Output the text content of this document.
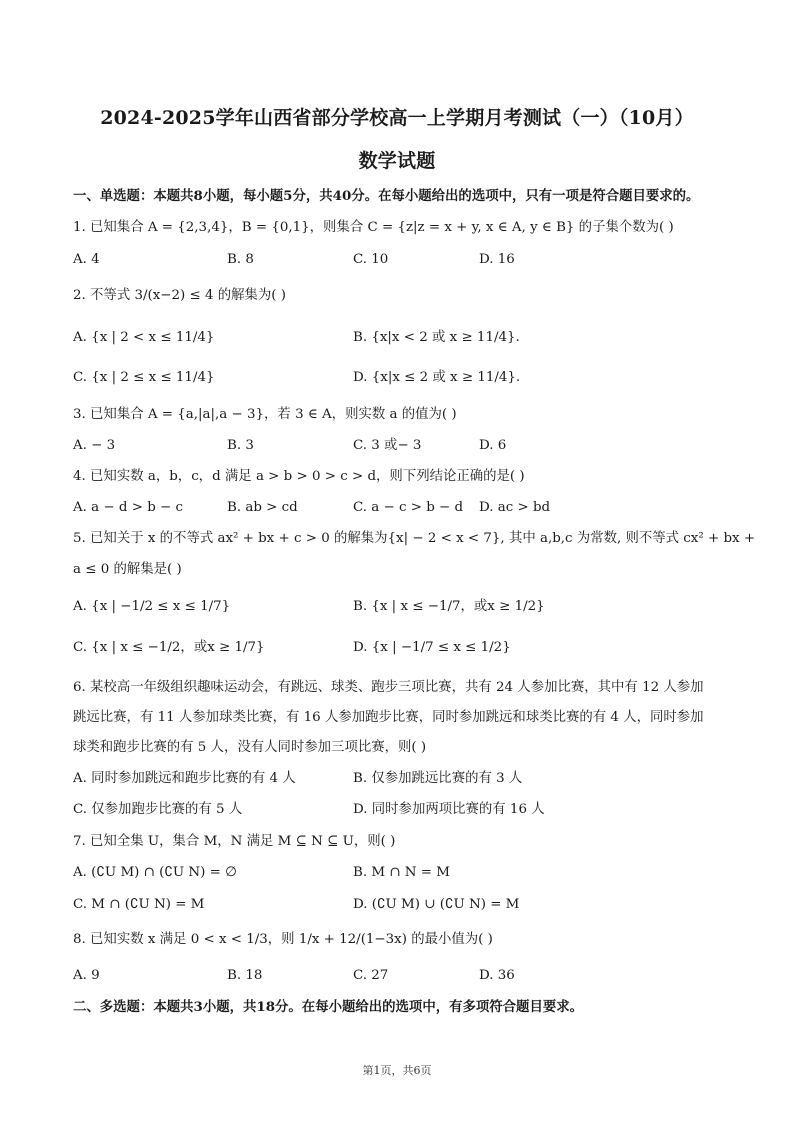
2024-2025学年山西省部分学校高一上学期月考测试（一）（10月）
数学试题
一、单选题：本题共8小题，每小题5分，共40分。在每小题给出的选项中，只有一项是符合题目要求的。
1. 已知集合 A = {2,3,4}，B = {0,1}，则集合 C = {z|z = x + y, x ∈ A, y ∈ B} 的子集个数为( )
A. 4	B. 8	C. 10	D. 16
2. 不等式 3/(x−2) ≤ 4 的解集为( )
A. {x | 2 < x ≤ 11/4}	B. {x|x < 2 或 x ≥ 11/4}.
C. {x | 2 ≤ x ≤ 11/4}	D. {x|x ≤ 2 或 x ≥ 11/4}.
3. 已知集合 A = {a,|a|,a − 3}，若 3 ∈ A，则实数 a 的值为( )
A. − 3	B. 3	C. 3 或− 3	D. 6
4. 已知实数 a，b，c，d 满足 a > b > 0 > c > d，则下列结论正确的是( )
A. a − d > b − c	B. ab > cd	C. a − c > b − d D. ac > bd
5. 已知关于 x 的不等式 ax² + bx + c > 0 的解集为{x| − 2 < x < 7}, 其中 a,b,c 为常数, 则不等式 cx² + bx +
a ≤ 0 的解集是( )
A. {x | −1/2 ≤ x ≤ 1/7}	B. {x | x ≤ −1/7，或x ≥ 1/2}
C. {x | x ≤ −1/2，或x ≥ 1/7}	D. {x | −1/7 ≤ x ≤ 1/2}
6. 某校高一年级组织趣味运动会，有跳远、球类、跑步三项比赛，共有 24 人参加比赛，其中有 12 人参加
跳远比赛，有 11 人参加球类比赛，有 16 人参加跑步比赛，同时参加跳远和球类比赛的有 4 人，同时参加
球类和跑步比赛的有 5 人，没有人同时参加三项比赛，则( )
A. 同时参加跳远和跑步比赛的有 4 人	B. 仅参加跳远比赛的有 3 人
C. 仅参加跑步比赛的有 5 人	D. 同时参加两项比赛的有 16 人
7. 已知全集 U，集合 M，N 满足 M ⊆ N ⊆ U，则( )
A. (∁U M) ∩ (∁U N) = ∅	B. M ∩ N = M
C. M ∩ (∁U N) = M	D. (∁U M) ∪ (∁U N) = M
8. 已知实数 x 满足 0 < x < 1/3，则 1/x + 12/(1−3x) 的最小值为( )
A. 9	B. 18	C. 27	D. 36
二、多选题：本题共3小题，共18分。在每小题给出的选项中，有多项符合题目要求。
第1页，共6页
